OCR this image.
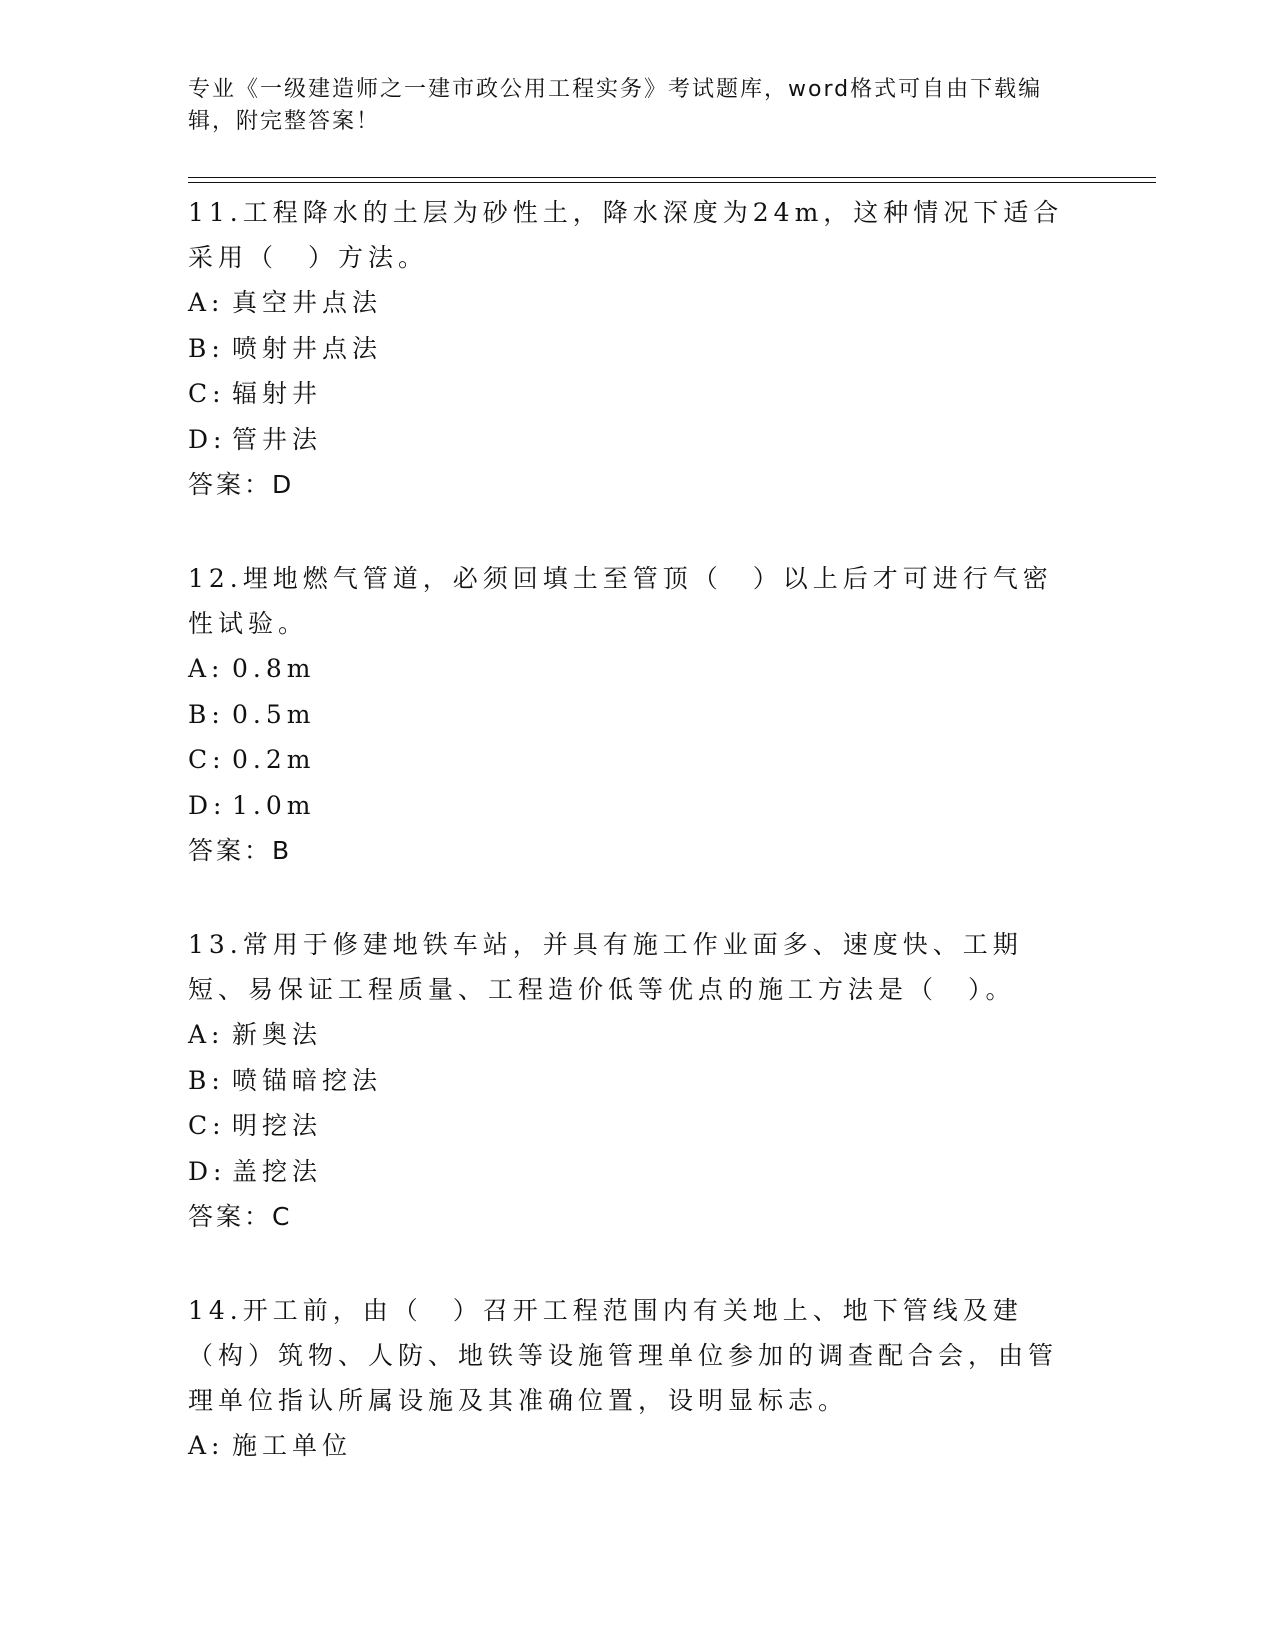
专业《一级建造师之一建市政公用工程实务》考试题库，word格式可自由下载编辑，附完整答案！

11.工程降水的土层为砂性土，降水深度为24m，这种情况下适合采用（　）方法。

A: 真空井点法

B: 喷射井点法

C: 辐射井

D: 管井法

答案：D

12.埋地燃气管道，必须回填土至管顶（　）以上后才可进行气密性试验。

A: 0.8m

B: 0.5m

C: 0.2m

D: 1.0m

答案：B

13.常用于修建地铁车站，并具有施工作业面多、速度快、工期短、易保证工程质量、工程造价低等优点的施工方法是（　）。

A: 新奥法

B: 喷锚暗挖法

C: 明挖法

D: 盖挖法

答案：C

14.开工前，由（　）召开工程范围内有关地上、地下管线及建（构）筑物、人防、地铁等设施管理单位参加的调查配合会，由管理单位指认所属设施及其准确位置，设明显标志。

A: 施工单位
